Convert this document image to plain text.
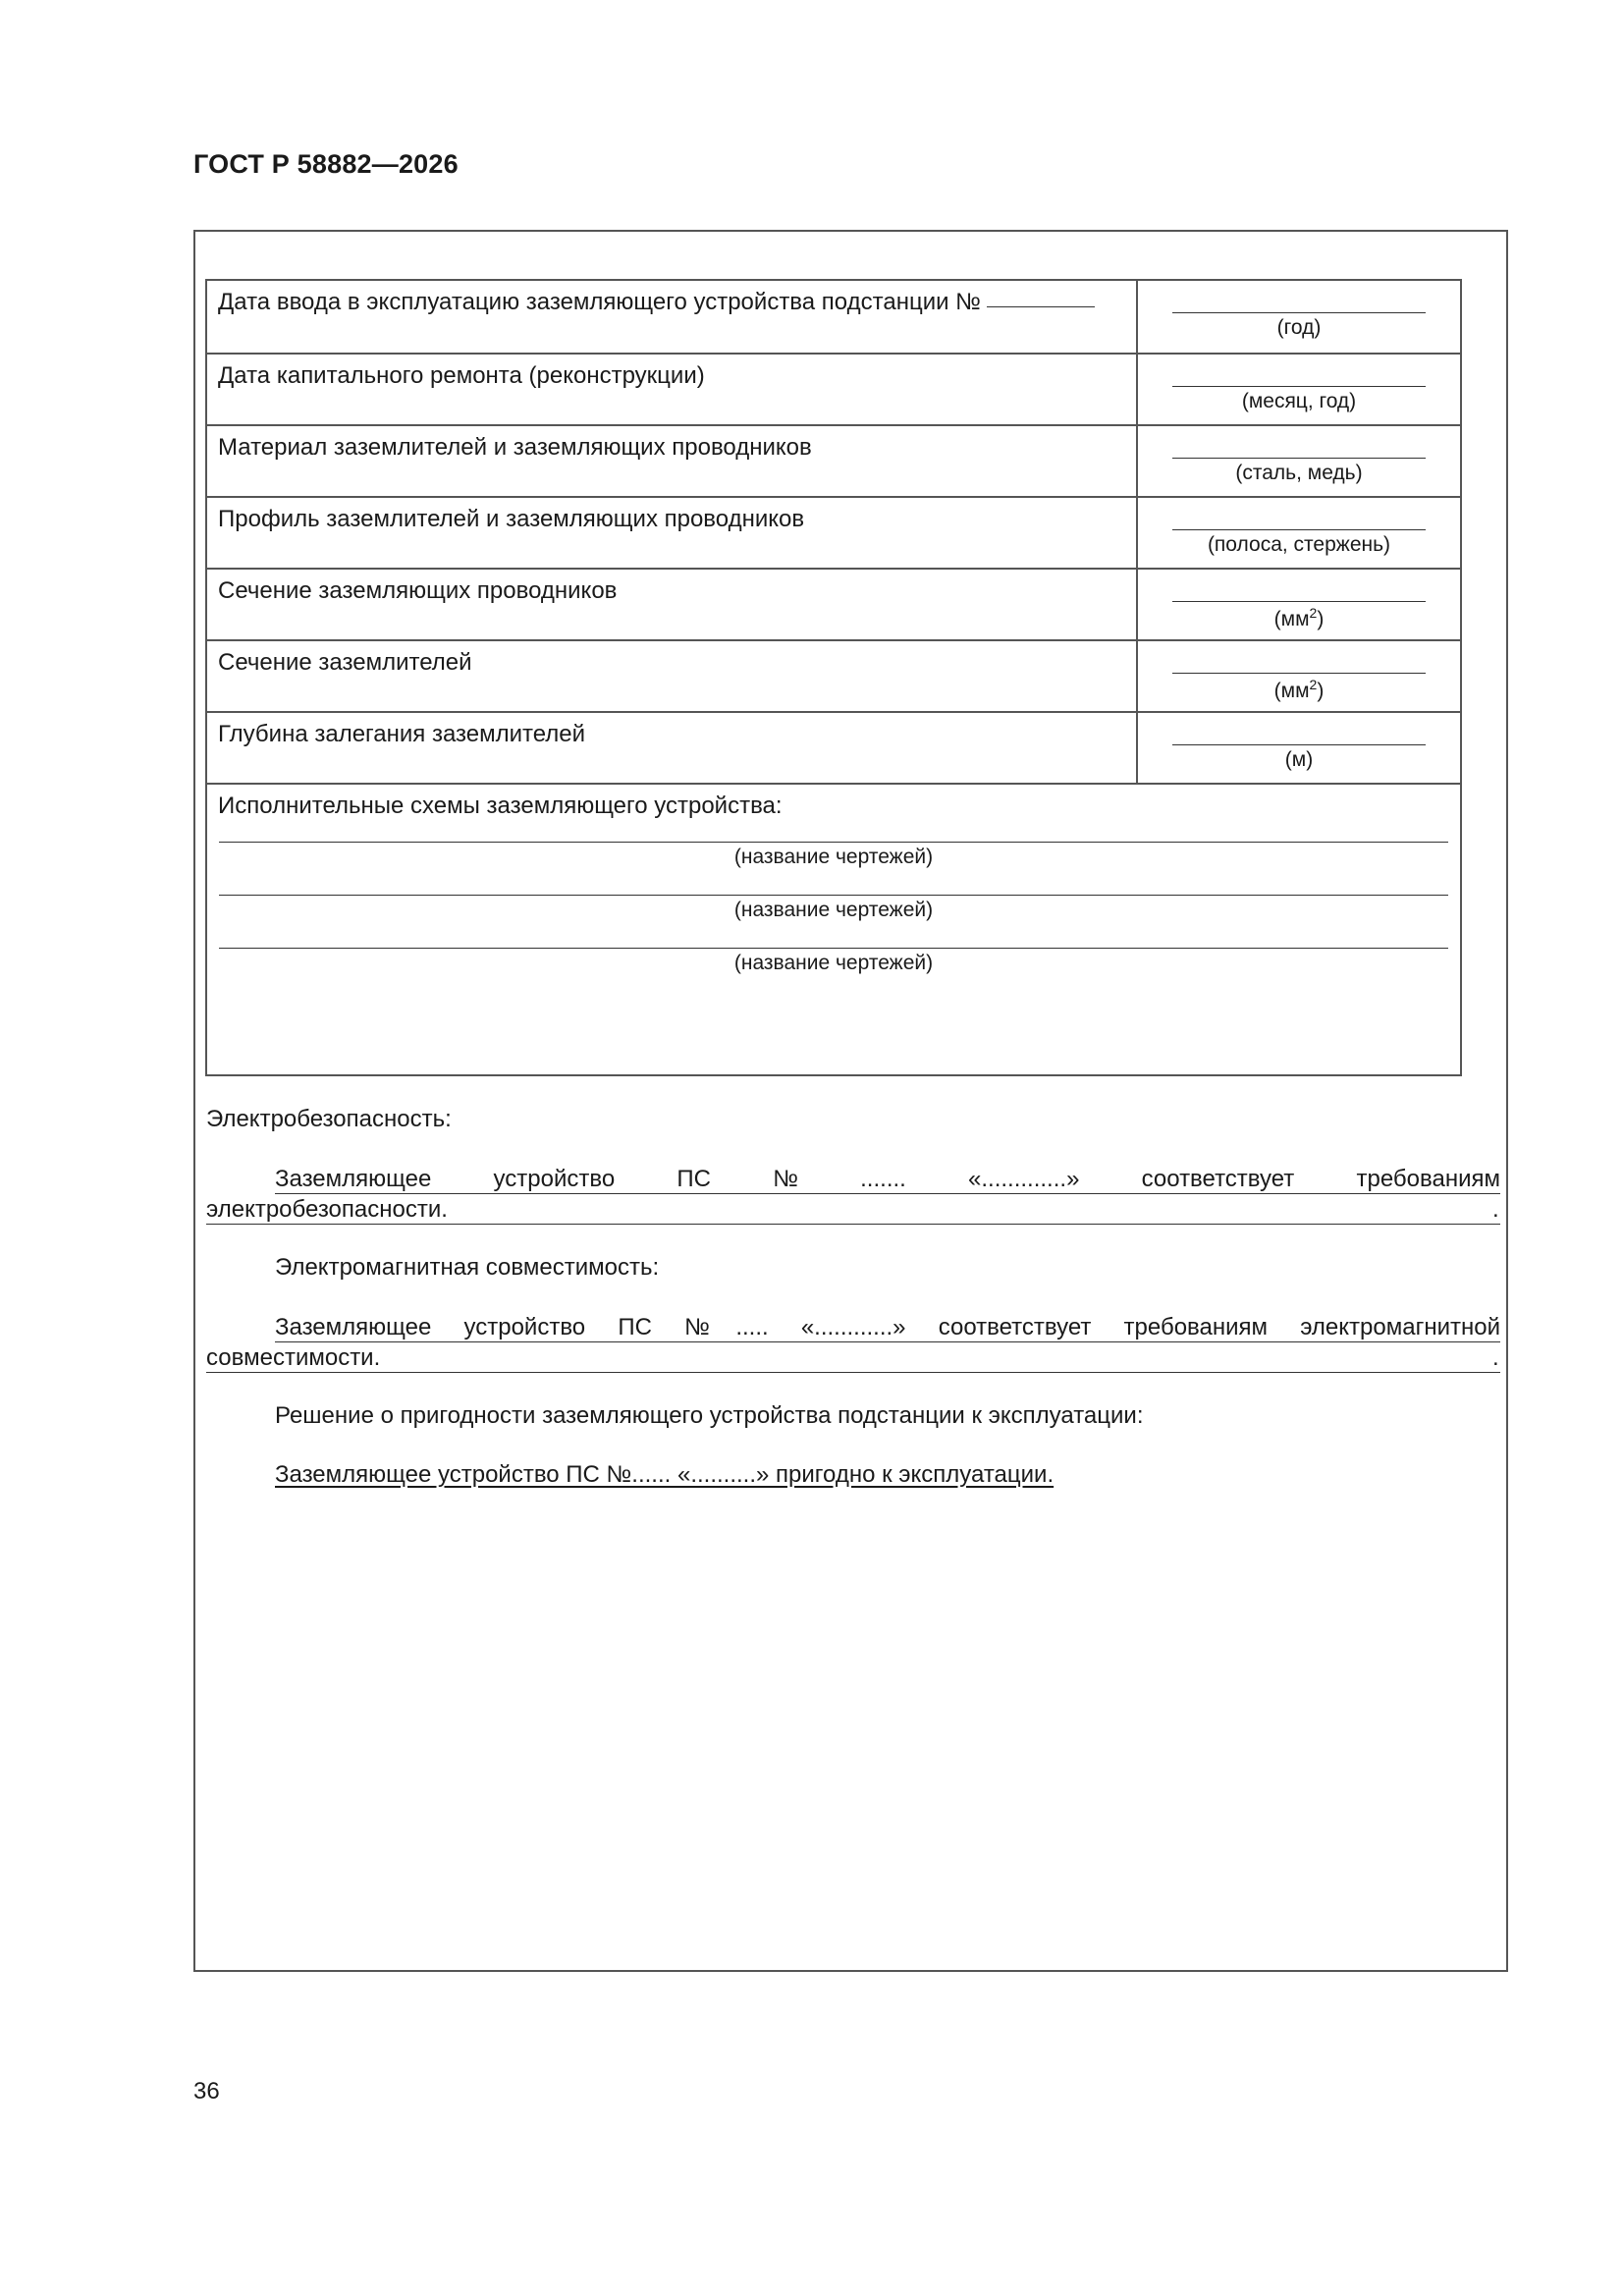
ГОСТ Р 58882—2026
Дата ввода в эксплуатацию заземляющего устройства подстанции №	(год)

Дата капитального ремонта (реконструкции)	(месяц, год)

Материал заземлителей и заземляющих проводников	(сталь, медь)

Профиль заземлителей и заземляющих проводников	(полоса, стержень)

Сечение заземляющих проводников	$(мм^2)$

Сечение заземлителей	$(мм^2)$

Глубина залегания заземлителей	(м)

Исполнительные схемы заземляющего устройства:
(название чертежей)
(название чертежей)
(название чертежей)	
Электробезопасность:
Заземляющее	устройство	ПС	№	.......	«.............»	соответствует	требованиям
электробезопасности.	.
Электромагнитная совместимость:
Заземляющее устройство ПС №..... «............» соответствует требованиям электромагнитной
совместимости.	.
Решение о пригодности заземляющего устройства подстанции к эксплуатации:
Заземляющее устройство ПС №...... «..........» пригодно к эксплуатации.
36
